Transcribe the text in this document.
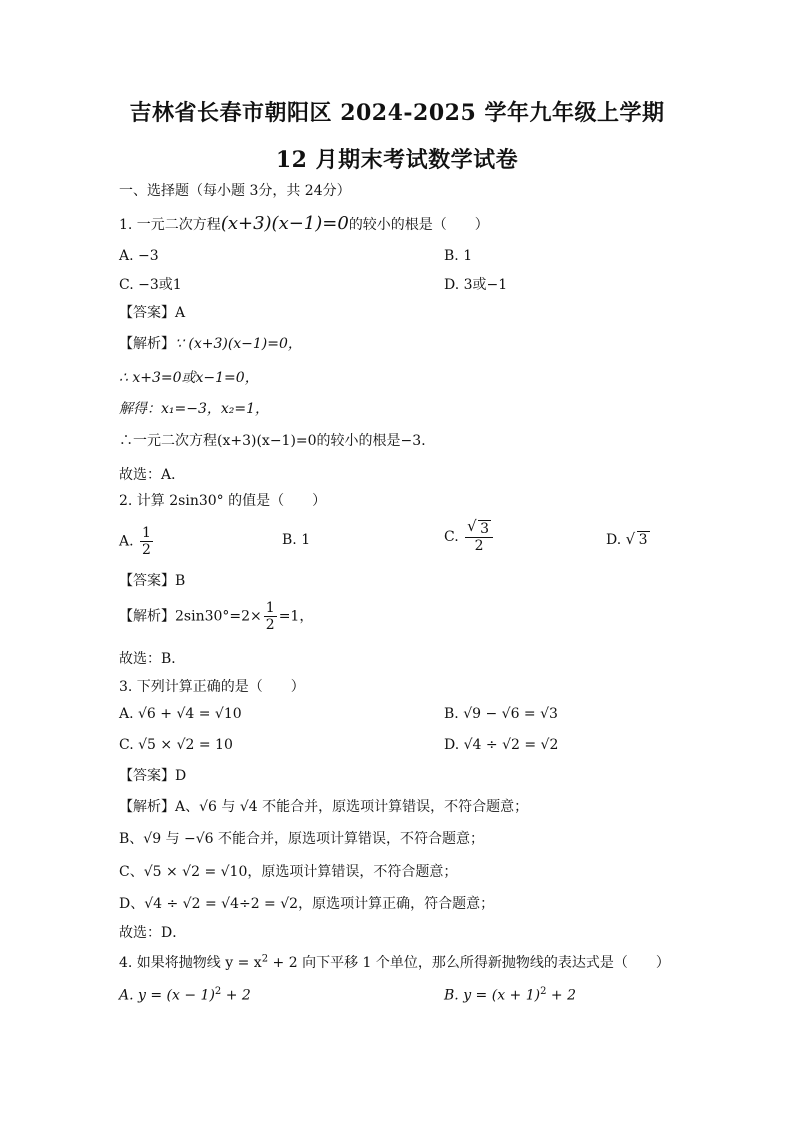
吉林省长春市朝阳区 2024-2025 学年九年级上学期
12 月期末考试数学试卷
一、选择题（每小题 3分，共 24分）
1. 一元二次方程(x+3)(x−1)=0的较小的根是（　　）
A. −3	B. 1
C. −3或1	D. 3或−1
【答案】A
【解析】∵ (x+3)(x−1)=0，
∴ x+3=0或x−1=0，
解得：x₁=−3，x₂=1，
∴一元二次方程(x+3)(x−1)=0的较小的根是−3．
故选：A．
2. 计算 2sin30° 的值是（　　）
A. $\frac{1}{2}$	B. 1	C. √ $\frac{3}{2}$	D. √ 3
【答案】B
【解析】$2\sin 30^\circ=2\times \frac{1}{2} =1$，
故选：B．
3. 下列计算正确的是（　　）
A. √6 + √4 = √10	B. √9 − √6 = √3
C. √5 × √2 = 10	D. √4 ÷ √2 = √2
【答案】D
【解析】A、√6 与 √4 不能合并，原选项计算错误，不符合题意；
B、√9 与 −√6 不能合并，原选项计算错误，不符合题意；
C、√5 × √2 = √10，原选项计算错误，不符合题意；
D、√4 ÷ √2 = √4÷2 = √2，原选项计算正确，符合题意；
故选：D．
4. 如果将抛物线 $y = x^2 + 2$ 向下平移 1 个单位，那么所得新抛物线的表达式是（　　）
A. $y = (x - 1)^2 + 2$	B. $y = (x + 1)^2 + 2$
